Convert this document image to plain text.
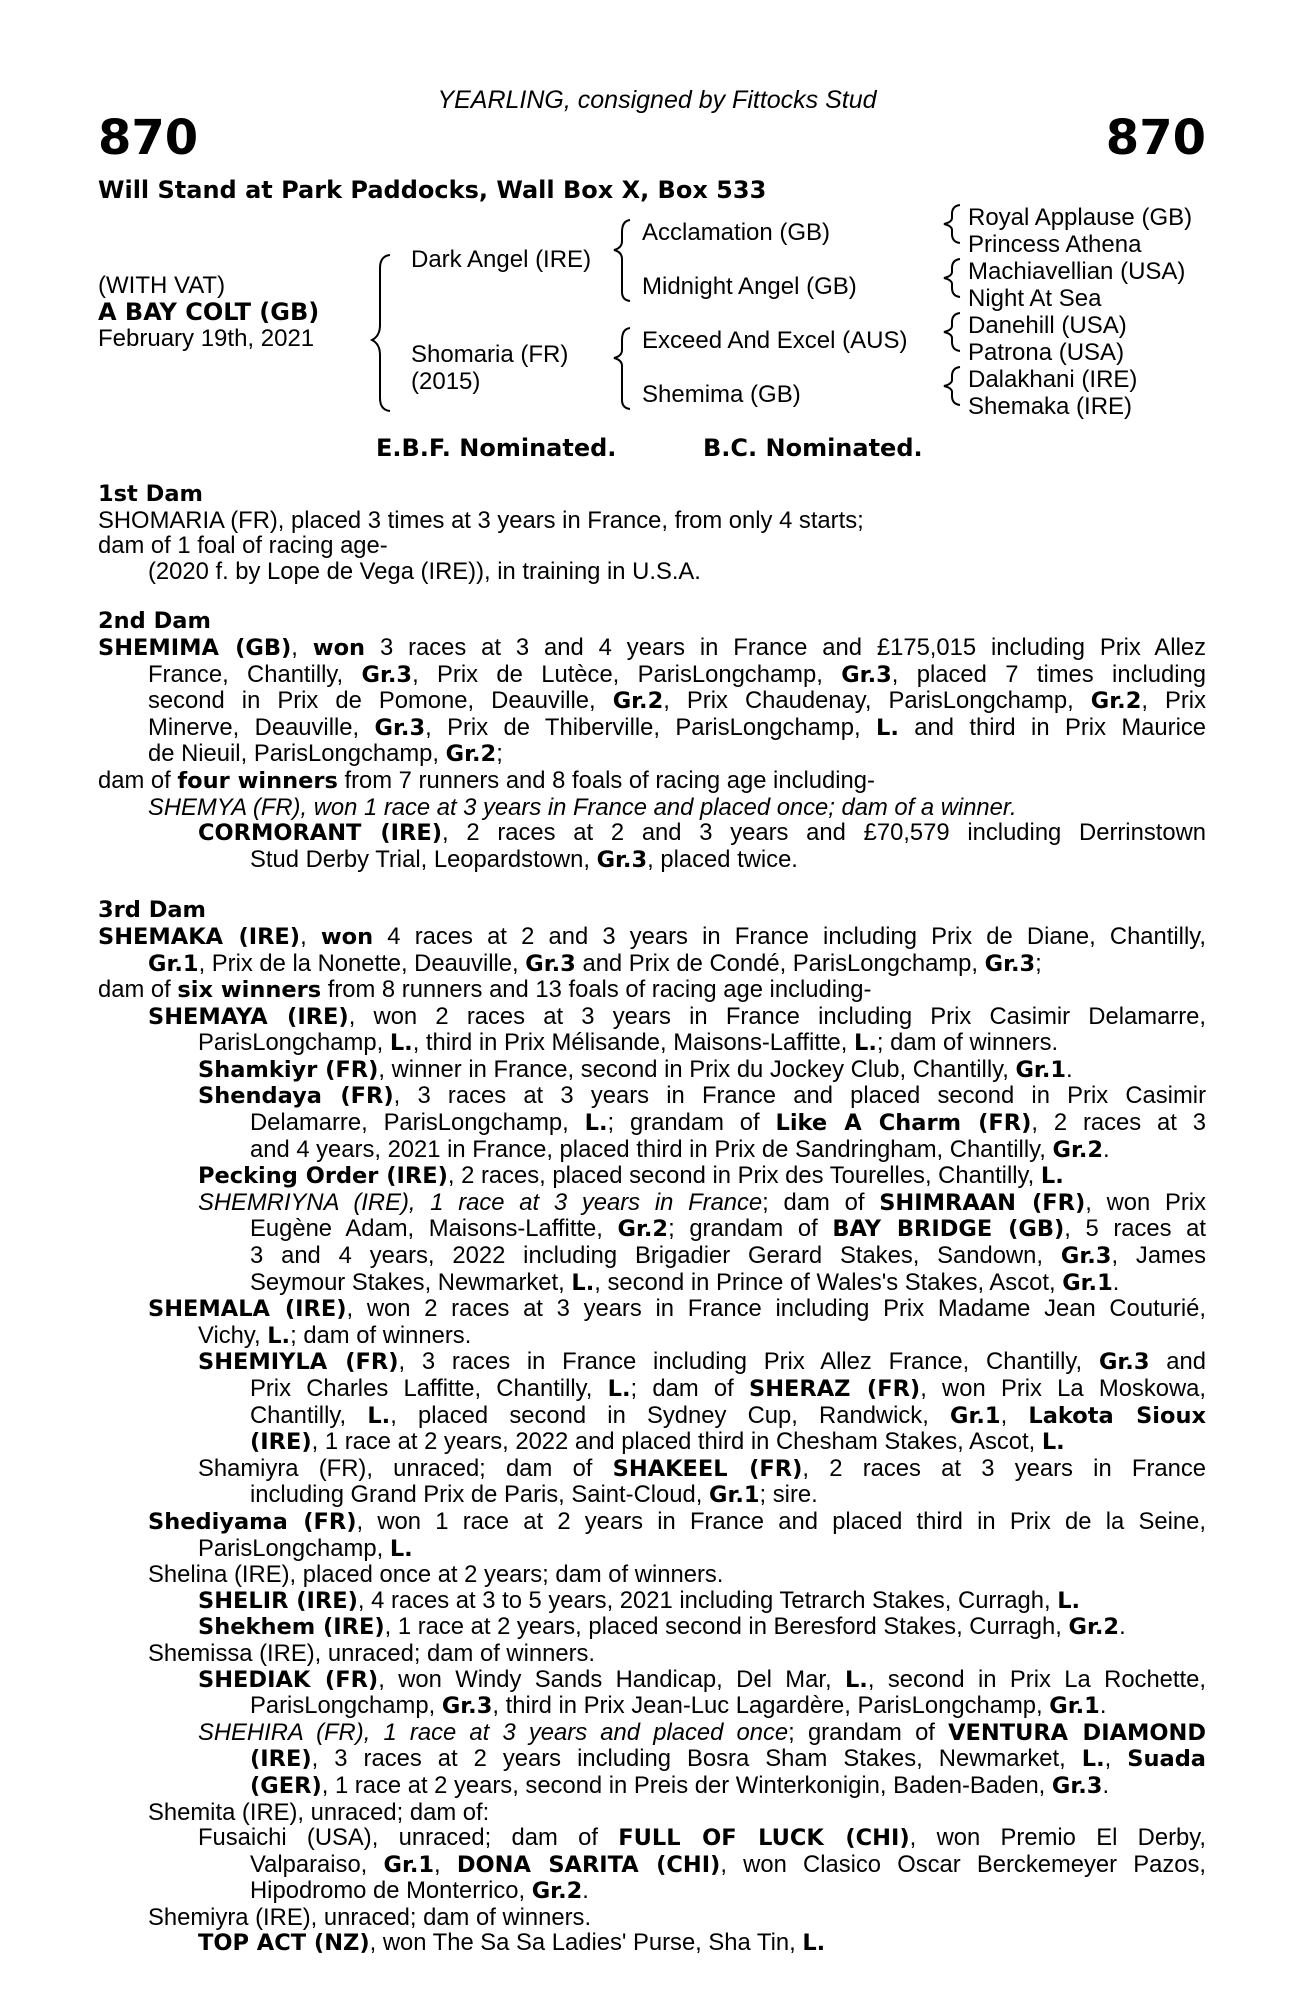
YEARLING, consigned by Fittocks Stud
870	870
Will Stand at Park Paddocks, Wall Box X, Box 533
(WITH VAT)
A BAY COLT (GB)
February 19th, 2021
Dark Angel (IRE)
Shomaria (FR)
(2015)
Acclamation (GB)
Midnight Angel (GB)
Exceed And Excel (AUS)
Shemima (GB)
Royal Applause (GB)
Princess Athena
Machiavellian (USA)
Night At Sea
Danehill (USA)
Patrona (USA)
Dalakhani (IRE)
Shemaka (IRE)
E.B.F. Nominated.	B.C. Nominated.
1st Dam
SHOMARIA (FR), placed 3 times at 3 years in France, from only 4 starts;
dam of 1 foal of racing age-
(2020 f. by Lope de Vega (IRE)), in training in U.S.A.
2nd Dam
SHEMIMA (GB), won 3 races at 3 and 4 years in France and £175,015 including Prix Allez
France, Chantilly, Gr.3, Prix de Lutèce, ParisLongchamp, Gr.3, placed 7 times including
second in Prix de Pomone, Deauville, Gr.2, Prix Chaudenay, ParisLongchamp, Gr.2, Prix
Minerve, Deauville, Gr.3, Prix de Thiberville, ParisLongchamp, L. and third in Prix Maurice
de Nieuil, ParisLongchamp, Gr.2;
dam of four winners from 7 runners and 8 foals of racing age including-
SHEMYA (FR), won 1 race at 3 years in France and placed once; dam of a winner.
CORMORANT (IRE), 2 races at 2 and 3 years and £70,579 including Derrinstown
Stud Derby Trial, Leopardstown, Gr.3, placed twice.
3rd Dam
SHEMAKA (IRE), won 4 races at 2 and 3 years in France including Prix de Diane, Chantilly,
Gr.1, Prix de la Nonette, Deauville, Gr.3 and Prix de Condé, ParisLongchamp, Gr.3;
dam of six winners from 8 runners and 13 foals of racing age including-
SHEMAYA (IRE), won 2 races at 3 years in France including Prix Casimir Delamarre,
ParisLongchamp, L., third in Prix Mélisande, Maisons-Laffitte, L.; dam of winners.
Shamkiyr (FR), winner in France, second in Prix du Jockey Club, Chantilly, Gr.1.
Shendaya (FR), 3 races at 3 years in France and placed second in Prix Casimir
Delamarre, ParisLongchamp, L.; grandam of Like A Charm (FR), 2 races at 3
and 4 years, 2021 in France, placed third in Prix de Sandringham, Chantilly, Gr.2.
Pecking Order (IRE), 2 races, placed second in Prix des Tourelles, Chantilly, L.
SHEMRIYNA (IRE), 1 race at 3 years in France; dam of SHIMRAAN (FR), won Prix
Eugène Adam, Maisons-Laffitte, Gr.2; grandam of BAY BRIDGE (GB), 5 races at
3 and 4 years, 2022 including Brigadier Gerard Stakes, Sandown, Gr.3, James
Seymour Stakes, Newmarket, L., second in Prince of Wales's Stakes, Ascot, Gr.1.
SHEMALA (IRE), won 2 races at 3 years in France including Prix Madame Jean Couturié,
Vichy, L.; dam of winners.
SHEMIYLA (FR), 3 races in France including Prix Allez France, Chantilly, Gr.3 and
Prix Charles Laffitte, Chantilly, L.; dam of SHERAZ (FR), won Prix La Moskowa,
Chantilly, L., placed second in Sydney Cup, Randwick, Gr.1, Lakota Sioux
(IRE), 1 race at 2 years, 2022 and placed third in Chesham Stakes, Ascot, L.
Shamiyra (FR), unraced; dam of SHAKEEL (FR), 2 races at 3 years in France
including Grand Prix de Paris, Saint-Cloud, Gr.1; sire.
Shediyama (FR), won 1 race at 2 years in France and placed third in Prix de la Seine,
ParisLongchamp, L.
Shelina (IRE), placed once at 2 years; dam of winners.
SHELIR (IRE), 4 races at 3 to 5 years, 2021 including Tetrarch Stakes, Curragh, L.
Shekhem (IRE), 1 race at 2 years, placed second in Beresford Stakes, Curragh, Gr.2.
Shemissa (IRE), unraced; dam of winners.
SHEDIAK (FR), won Windy Sands Handicap, Del Mar, L., second in Prix La Rochette,
ParisLongchamp, Gr.3, third in Prix Jean-Luc Lagardère, ParisLongchamp, Gr.1.
SHEHIRA (FR), 1 race at 3 years and placed once; grandam of VENTURA DIAMOND
(IRE), 3 races at 2 years including Bosra Sham Stakes, Newmarket, L., Suada
(GER), 1 race at 2 years, second in Preis der Winterkonigin, Baden-Baden, Gr.3.
Shemita (IRE), unraced; dam of:
Fusaichi (USA), unraced; dam of FULL OF LUCK (CHI), won Premio El Derby,
Valparaiso, Gr.1, DONA SARITA (CHI), won Clasico Oscar Berckemeyer Pazos,
Hipodromo de Monterrico, Gr.2.
Shemiyra (IRE), unraced; dam of winners.
TOP ACT (NZ), won The Sa Sa Ladies' Purse, Sha Tin, L.
